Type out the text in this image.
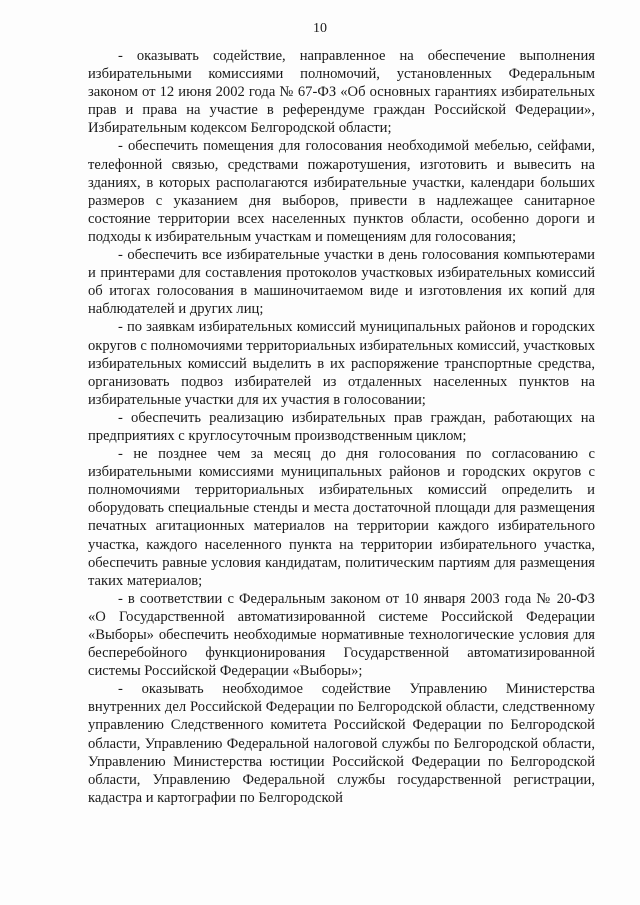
10

- оказывать содействие, направленное на обеспечение выполнения избирательными комиссиями полномочий, установленных Федеральным законом от 12 июня 2002 года № 67-ФЗ «Об основных гарантиях избирательных прав и права на участие в референдуме граждан Российской Федерации», Избирательным кодексом Белгородской области;

- обеспечить помещения для голосования необходимой мебелью, сейфами, телефонной связью, средствами пожаротушения, изготовить и вывесить на зданиях, в которых располагаются избирательные участки, календари больших размеров с указанием дня выборов, привести в надлежащее санитарное состояние территории всех населенных пунктов области, особенно дороги и подходы к избирательным участкам и помещениям для голосования;

- обеспечить все избирательные участки в день голосования компьютерами и принтерами для составления протоколов участковых избирательных комиссий об итогах голосования в машиночитаемом виде и изготовления их копий для наблюдателей и других лиц;

- по заявкам избирательных комиссий муниципальных районов и городских округов с полномочиями территориальных избирательных комиссий, участковых избирательных комиссий выделить в их распоряжение транспортные средства, организовать подвоз избирателей из отдаленных населенных пунктов на избирательные участки для их участия в голосовании;

- обеспечить реализацию избирательных прав граждан, работающих на предприятиях с круглосуточным производственным циклом;

- не позднее чем за месяц до дня голосования по согласованию с избирательными комиссиями муниципальных районов и городских округов с полномочиями территориальных избирательных комиссий определить и оборудовать специальные стенды и места достаточной площади для размещения печатных агитационных материалов на территории каждого избирательного участка, каждого населенного пункта на территории избирательного участка, обеспечить равные условия кандидатам, политическим партиям для размещения таких материалов;

- в соответствии с Федеральным законом от 10 января 2003 года № 20-ФЗ «О Государственной автоматизированной системе Российской Федерации «Выборы» обеспечить необходимые нормативные технологические условия для бесперебойного функционирования Государственной автоматизированной системы Российской Федерации «Выборы»;

- оказывать необходимое содействие Управлению Министерства внутренних дел Российской Федерации по Белгородской области, следственному управлению Следственного комитета Российской Федерации по Белгородской области, Управлению Федеральной налоговой службы по Белгородской области, Управлению Министерства юстиции Российской Федерации по Белгородской области, Управлению Федеральной службы государственной регистрации, кадастра и картографии по Белгородской
